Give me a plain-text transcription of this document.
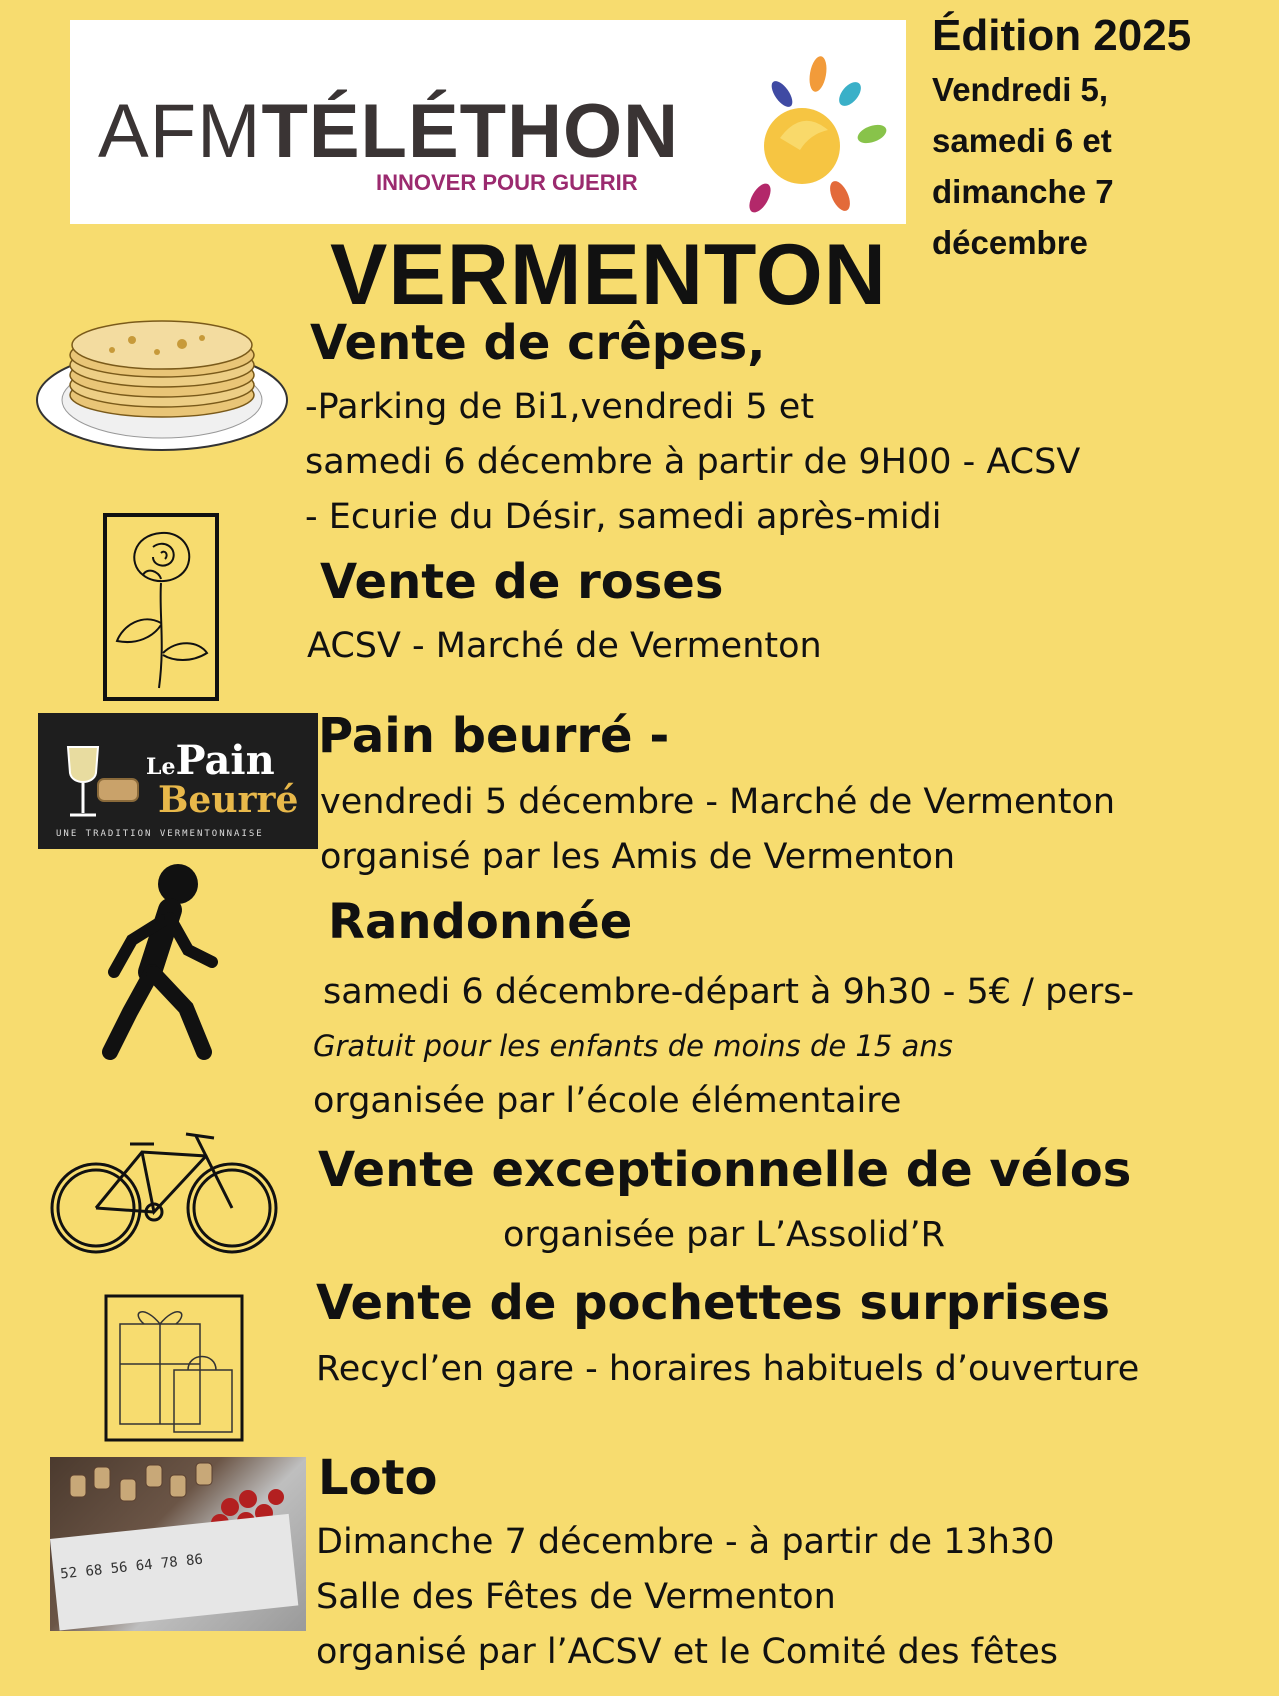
AFMTÉLÉTHON
INNOVER POUR GUERIR
Édition 2025
Vendredi 5,
samedi 6 et
dimanche 7
décembre
VERMENTON
Vente de crêpes,
-Parking de Bi1,vendredi 5 et
samedi 6 décembre à partir de 9H00 - ACSV
- Ecurie du Désir, samedi après-midi
Vente de roses
ACSV - Marché de Vermenton
LePain
Beurré
UNE TRADITION VERMENTONNAISE
Pain beurré -
vendredi 5 décembre - Marché de Vermenton
organisé par les Amis de Vermenton
Randonnée
samedi 6 décembre-départ à 9h30 - 5€ / pers-
Gratuit pour les enfants de moins de 15 ans
organisée par l’école élémentaire
Vente exceptionnelle de vélos
organisée par L’Assolid’R
Vente de pochettes surprises
Recycl’en gare - horaires habituels d’ouverture
52 68 56 64 78 86
Loto
Dimanche 7 décembre - à partir de 13h30
Salle des Fêtes de Vermenton
organisé par l’ACSV et le Comité des fêtes
